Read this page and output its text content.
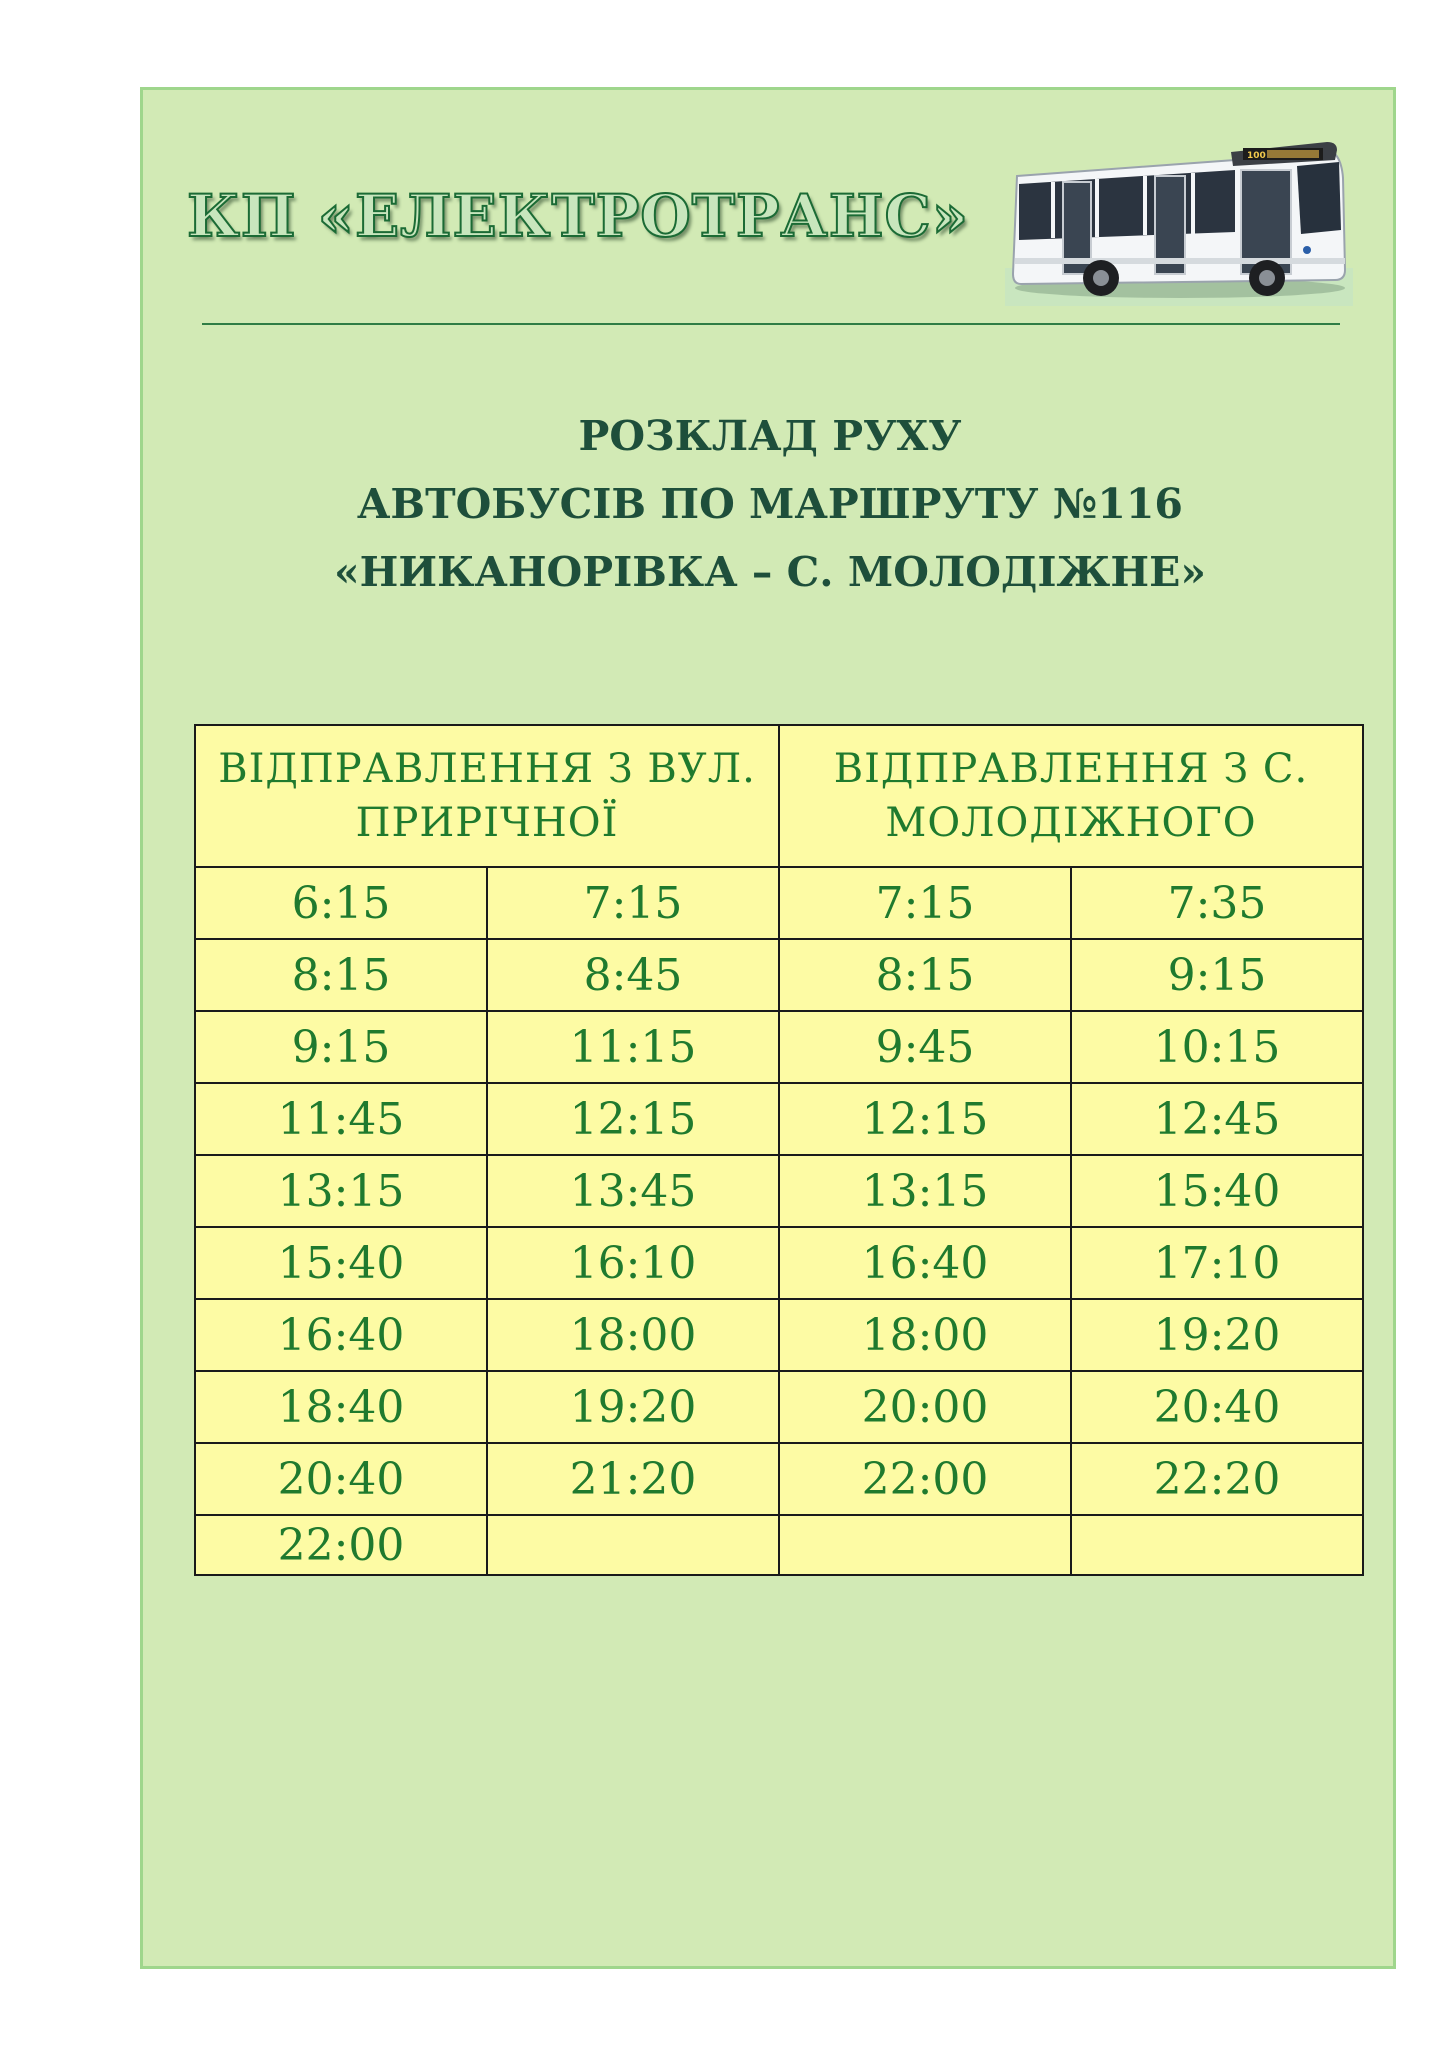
КП «ЕЛЕКТРОТРАНС»
100
РОЗКЛАД РУХУ
АВТОБУСІВ ПО МАРШРУТУ №116
«НИКАНОРІВКА – С. МОЛОДІЖНЕ»
ВІДПРАВЛЕННЯ З ВУЛ. ПРИРІЧНОЇ		ВІДПРАВЛЕННЯ З С. МОЛОДІЖНОГО	
6:15	7:15	7:15	7:35
8:15	8:45	8:15	9:15
9:15	11:15	9:45	10:15
11:45	12:15	12:15	12:45
13:15	13:45	13:15	15:40
15:40	16:10	16:40	17:10
16:40	18:00	18:00	19:20
18:40	19:20	20:00	20:40
20:40	21:20	22:00	22:20
22:00			
